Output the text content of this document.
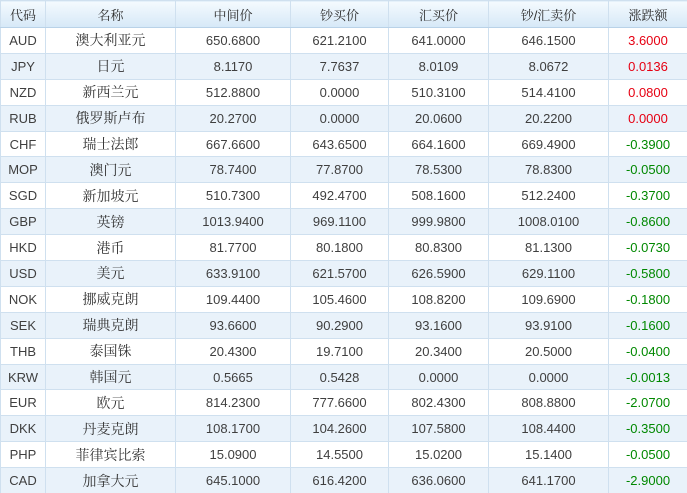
代码	名称	中间价	钞买价	汇买价	钞/汇卖价	涨跌额
AUD	澳大利亚元	650.6800	621.2100	641.0000	646.1500	3.6000
JPY	日元	8.1170	7.7637	8.0109	8.0672	0.0136
NZD	新西兰元	512.8800	0.0000	510.3100	514.4100	0.0800
RUB	俄罗斯卢布	20.2700	0.0000	20.0600	20.2200	0.0000
CHF	瑞士法郎	667.6600	643.6500	664.1600	669.4900	-0.3900
MOP	澳门元	78.7400	77.8700	78.5300	78.8300	-0.0500
SGD	新加坡元	510.7300	492.4700	508.1600	512.2400	-0.3700
GBP	英镑	1013.9400	969.1100	999.9800	1008.0100	-0.8600
HKD	港币	81.7700	80.1800	80.8300	81.1300	-0.0730
USD	美元	633.9100	621.5700	626.5900	629.1100	-0.5800
NOK	挪威克朗	109.4400	105.4600	108.8200	109.6900	-0.1800
SEK	瑞典克朗	93.6600	90.2900	93.1600	93.9100	-0.1600
THB	泰国铢	20.4300	19.7100	20.3400	20.5000	-0.0400
KRW	韩国元	0.5665	0.5428	0.0000	0.0000	-0.0013
EUR	欧元	814.2300	777.6600	802.4300	808.8800	-2.0700
DKK	丹麦克朗	108.1700	104.2600	107.5800	108.4400	-0.3500
PHP	菲律宾比索	15.0900	14.5500	15.0200	15.1400	-0.0500
CAD	加拿大元	645.1000	616.4200	636.0600	641.1700	-2.9000
